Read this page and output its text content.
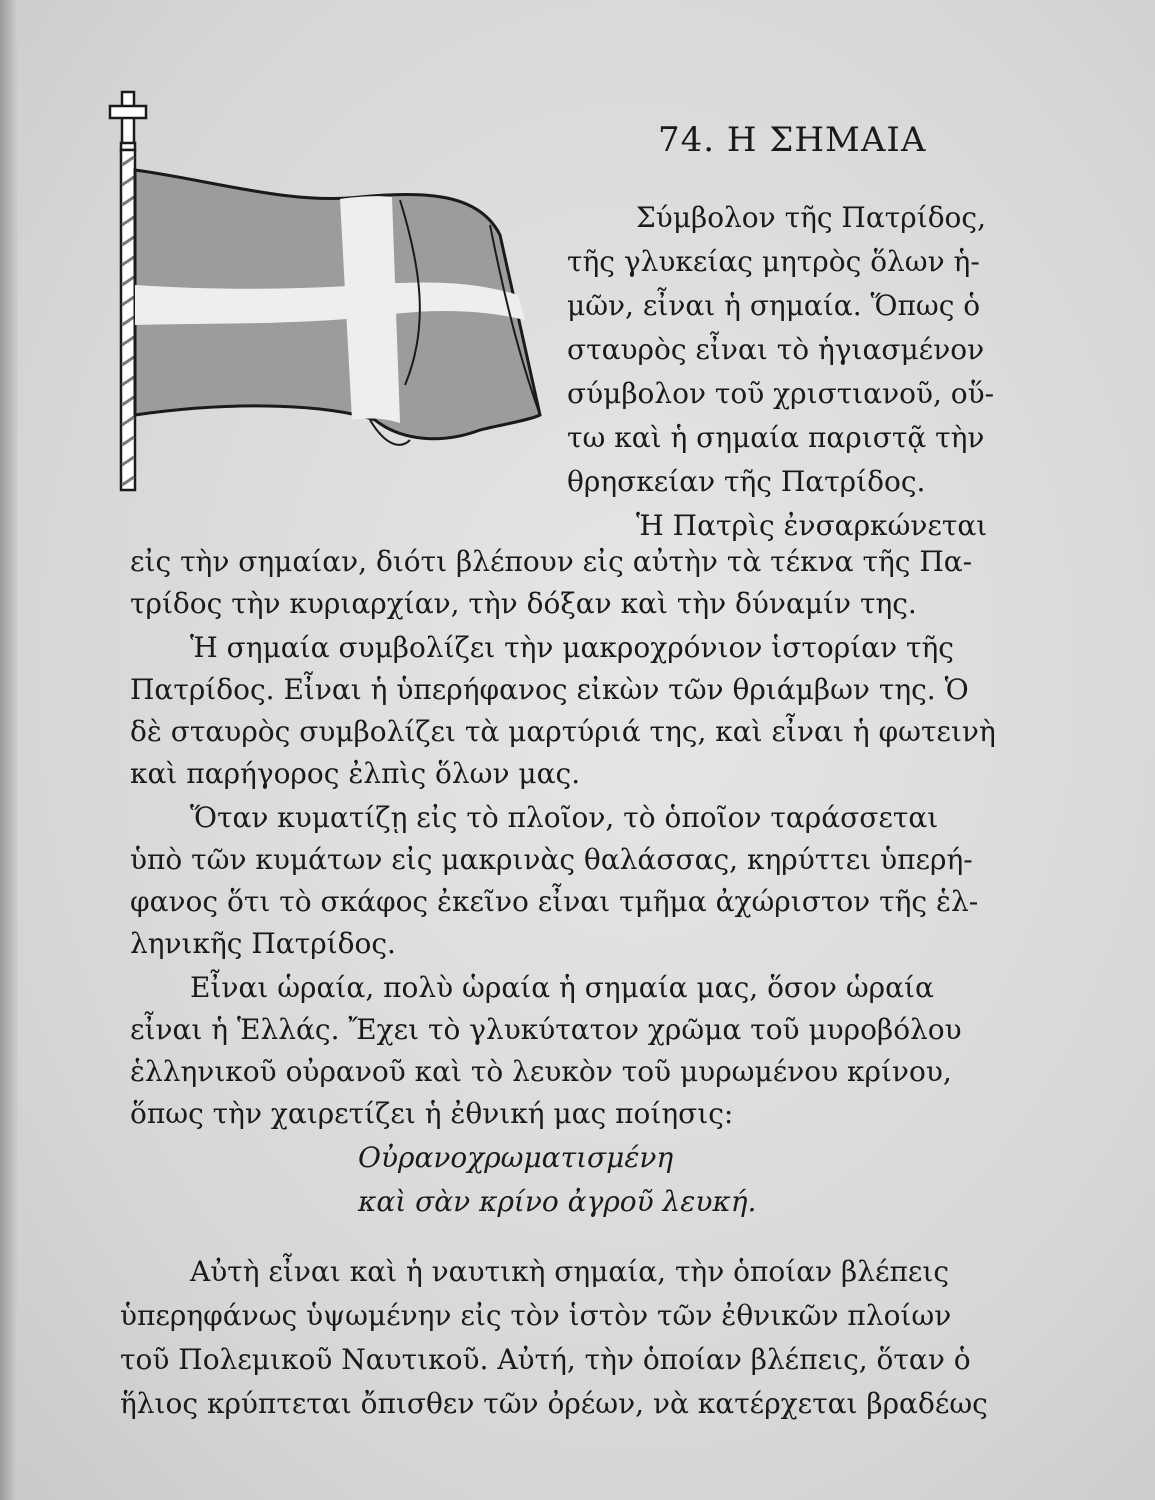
74. Η ΣΗΜΑΙΑ
Σύμβολον τῆς Πατρίδος,
τῆς γλυκείας μητρὸς ὅλων ἡ-
μῶν, εἶναι ἡ σημαία. Ὅπως ὁ
σταυρὸς εἶναι τὸ ἡγιασμένον
σύμβολον τοῦ χριστιανοῦ, οὕ-
τω καὶ ἡ σημαία παριστᾷ τὴν
θρησκείαν τῆς Πατρίδος.
Ἡ Πατρὶς ἐνσαρκώνεται
εἰς τὴν σημαίαν, διότι βλέπουν εἰς αὐτὴν τὰ τέκνα τῆς Πα-
τρίδος τὴν κυριαρχίαν, τὴν δόξαν καὶ τὴν δύναμίν της.
Ἡ σημαία συμβολίζει τὴν μακροχρόνιον ἱστορίαν τῆς
Πατρίδος. Εἶναι ἡ ὑπερήφανος εἰκὼν τῶν θριάμβων της. Ὁ
δὲ σταυρὸς συμβολίζει τὰ μαρτύριά της, καὶ εἶναι ἡ φωτεινὴ
καὶ παρήγορος ἐλπὶς ὅλων μας.
Ὅταν κυματίζῃ εἰς τὸ πλοῖον, τὸ ὁποῖον ταράσσεται
ὑπὸ τῶν κυμάτων εἰς μακρινὰς θαλάσσας, κηρύττει ὑπερή-
φανος ὅτι τὸ σκάφος ἐκεῖνο εἶναι τμῆμα ἀχώριστον τῆς ἑλ-
ληνικῆς Πατρίδος.
Εἶναι ὡραία, πολὺ ὡραία ἡ σημαία μας, ὅσον ὡραία
εἶναι ἡ Ἑλλάς. Ἔχει τὸ γλυκύτατον χρῶμα τοῦ μυροβόλου
ἑλληνικοῦ οὐρανοῦ καὶ τὸ λευκὸν τοῦ μυρωμένου κρίνου,
ὅπως τὴν χαιρετίζει ἡ ἐθνική μας ποίησις:
Οὐρανοχρωματισμένη
καὶ σὰν κρίνο ἀγροῦ λευκή.
Αὐτὴ εἶναι καὶ ἡ ναυτικὴ σημαία, τὴν ὁποίαν βλέπεις
ὑπερηφάνως ὑψωμένην εἰς τὸν ἱστὸν τῶν ἐθνικῶν πλοίων
τοῦ Πολεμικοῦ Ναυτικοῦ. Αὐτή, τὴν ὁποίαν βλέπεις, ὅταν ὁ
ἥλιος κρύπτεται ὄπισθεν τῶν ὀρέων, νὰ κατέρχεται βραδέως
